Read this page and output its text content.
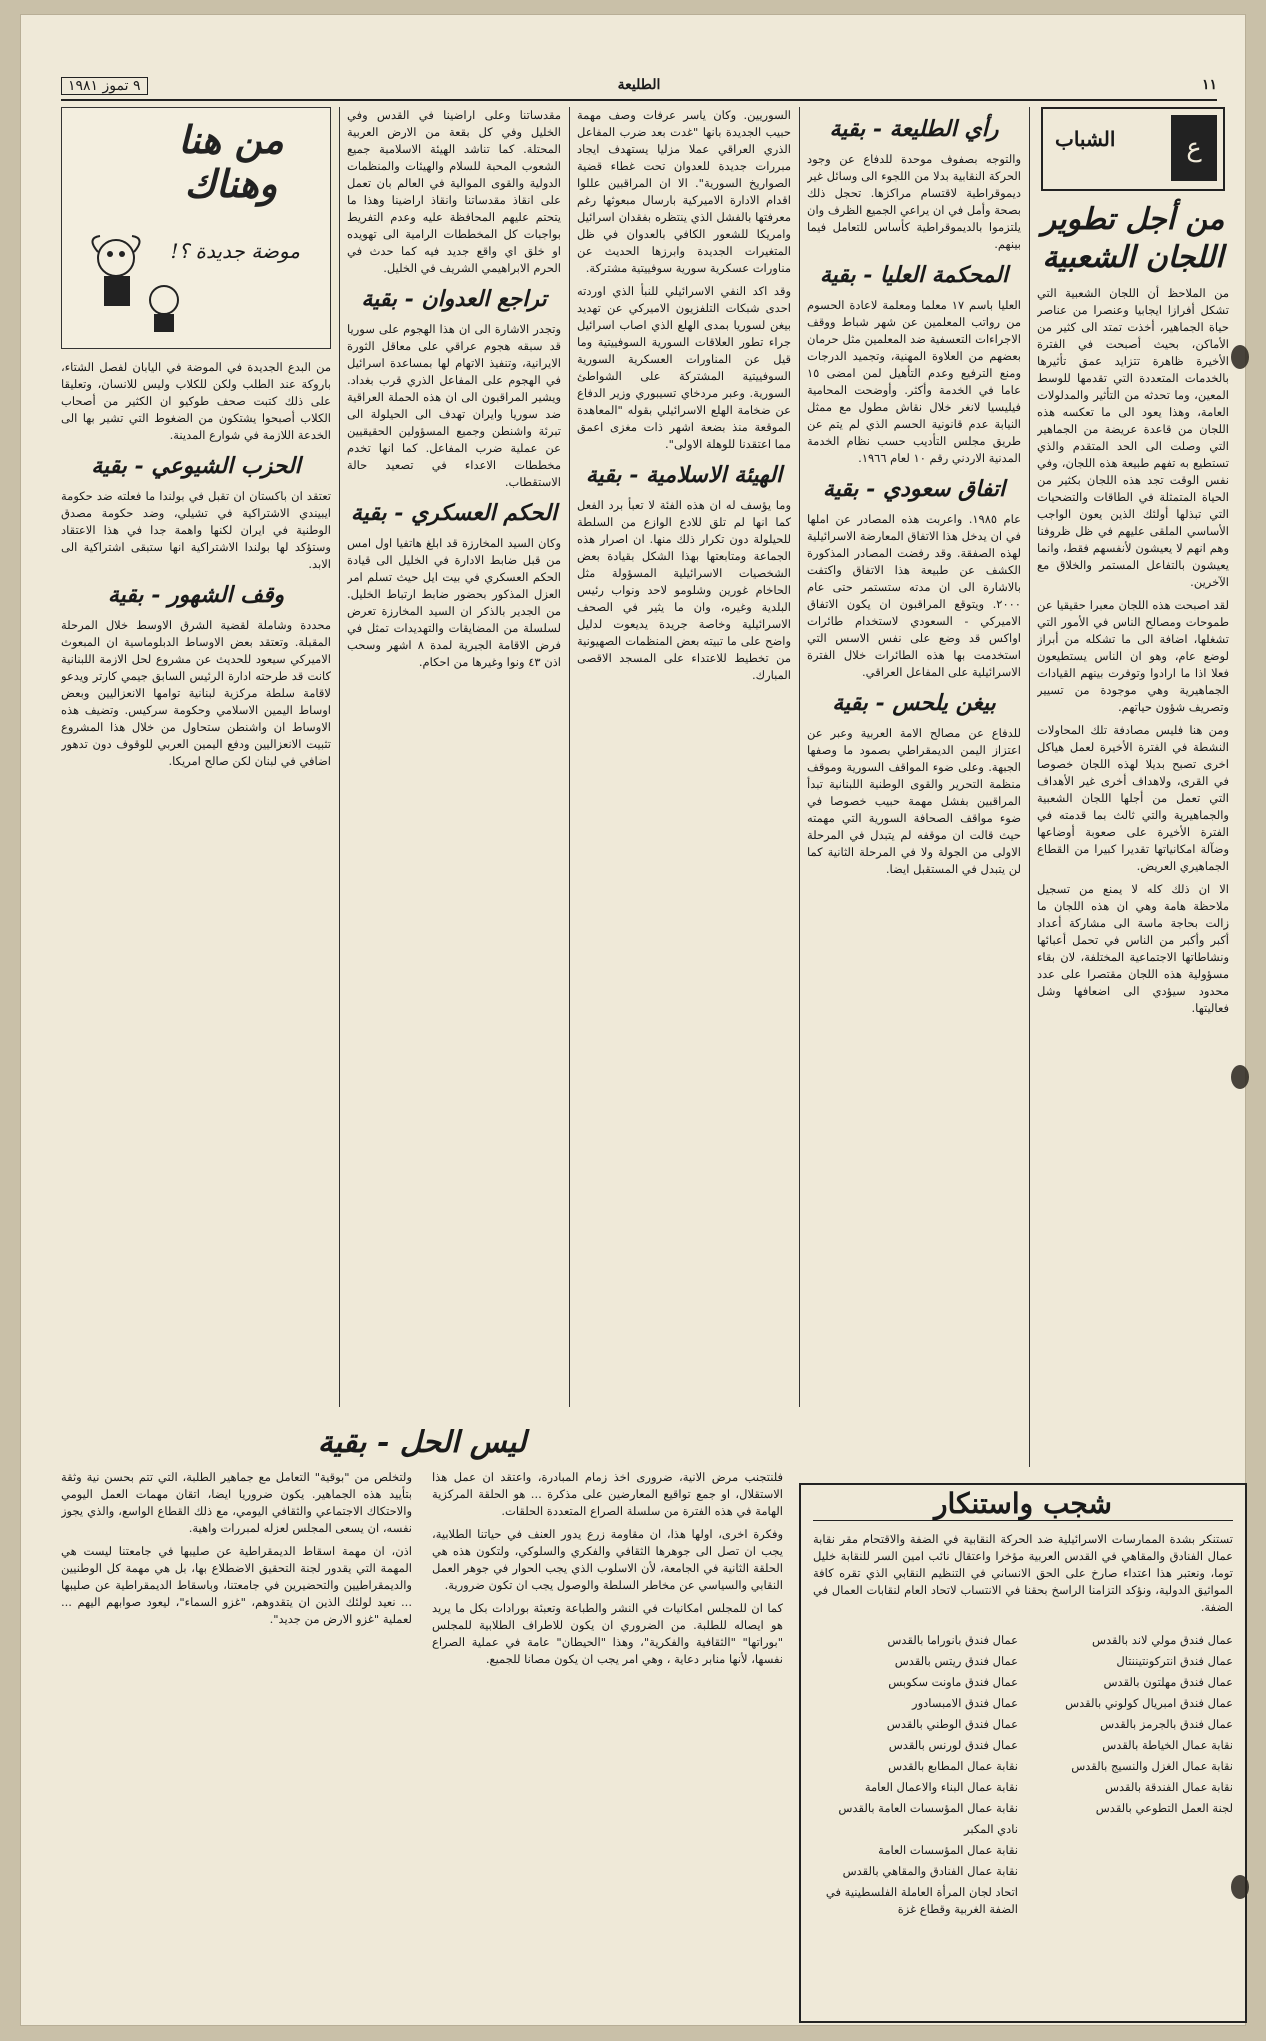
١١
الطليعة
٩ تموز ١٩٨١
ع
الشباب
من أجل تطوير اللجان الشعبية

من الملاحظ أن اللجان الشعبية التي تشكل أفرازا ايجابيا وعنصرا من عناصر حياة الجماهير، أخذت تمتد الى كثير من الأماكن، بحيث أصبحت في الفترة الأخيرة ظاهرة تتزايد عمق تأثيرها بالخدمات المتعددة التي تقدمها للوسط المعين، وما تحدثه من التأثير والمدلولات العامة، وهذا يعود الى ما تعكسه هذه اللجان من قاعدة عريضة من الجماهير التي وصلت الى الحد المتقدم والذي تستطيع به تفهم طبيعة هذه اللجان، وفي نفس الوقت تجد هذه اللجان بكثير من الحياة المتمثلة في الطاقات والتضحيات التي تبذلها أولئك الذين يعون الواجب الأساسي الملقى عليهم في ظل ظروفنا وهم انهم لا يعيشون لأنفسهم فقط، وانما يعيشون بالتفاعل المستمر والخلاق مع الآخرين.

لقد اصبحت هذه اللجان معبرا حقيقيا عن طموحات ومصالح الناس في الأمور التي تشغلها، اضافة الى ما تشكله من أبراز لوضع عام، وهو ان الناس يستطيعون فعلا اذا ما ارادوا وتوفرت بينهم القيادات الجماهيرية وهي موجودة من تسيير وتصريف شؤون حياتهم.

ومن هنا فليس مصادفة تلك المحاولات النشطة في الفترة الأخيرة لعمل هياكل اخرى تصبح بديلا لهذه اللجان خصوصا في القرى، ولاهداف أخرى غير الأهداف التي تعمل من أجلها اللجان الشعبية والجماهيرية والتي ثالث بما قدمته في الفترة الأخيرة على صعوبة أوضاعها وضآلة امكانياتها تقديرا كبيرا من القطاع الجماهيري العريض.

الا ان ذلك كله لا يمنع من تسجيل ملاحظة هامة وهي ان هذه اللجان ما زالت بحاجة ماسة الى مشاركة أعداد أكبر وأكبر من الناس في تحمل أعبائها ونشاطاتها الاجتماعية المختلفة، لان بقاء مسؤولية هذه اللجان مقتصرا على عدد محدود سيؤدي الى اضعافها وشل فعاليتها.

رأي الطليعة - بقية

والتوجه بصفوف موحدة للدفاع عن وجود الحركة النقابية بدلا من اللجوء الى وسائل غير ديموقراطية لاقتسام مراكزها. تحجل ذلك بصحة وأمل في ان يراعي الجميع الظرف وان يلتزموا بالديموقراطية كأساس للتعامل فيما بينهم.

المحكمة العليا - بقية

العليا باسم ١٧ معلما ومعلمة لاعادة الحسوم من رواتب المعلمين عن شهر شباط ووقف الاجراءات التعسفية ضد المعلمين مثل حرمان بعضهم من العلاوة المهنية، وتجميد الدرجات ومنع الترفيع وعدم التأهيل لمن امضى ١٥ عاما في الخدمة وأكثر. وأوضحت المحامية فيليسيا لانغر خلال نقاش مطول مع ممثل النيابة عدم قانونية الحسم الذي لم يتم عن طريق مجلس التأديب حسب نظام الخدمة المدنية الاردني رقم ١٠ لعام ١٩٦٦.

اتفاق سعودي - بقية

عام ١٩٨٥. واعربت هذه المصادر عن املها في ان يدخل هذا الاتفاق المعارضة الاسرائيلية لهذه الصفقة. وقد رفضت المصادر المذكورة الكشف عن طبيعة هذا الاتفاق واكتفت بالاشارة الى ان مدته ستستمر حتى عام ٢٠٠٠. ويتوقع المراقبون ان يكون الاتفاق الاميركي - السعودي لاستخدام طائرات اواكس قد وضع على نفس الاسس التي استخدمت بها هذه الطائرات خلال الفترة الاسرائيلية على المفاعل العراقي.

بيغن يلحس - بقية

للدفاع عن مصالح الامة العربية وعبر عن اعتزاز اليمن الديمقراطي بصمود ما وصفها الجبهة. وعلى ضوء المواقف السورية وموقف منظمة التحرير والقوى الوطنية اللبنانية تبدأ المراقبين بفشل مهمة حبيب خصوصا في ضوء مواقف الصحافة السورية التي مهمته حيث قالت ان موقفه لم يتبدل في المرحلة الاولى من الجولة ولا في المرحلة الثانية كما لن يتبدل في المستقبل ايضا.

السوريين. وكان ياسر عرفات وصف مهمة حبيب الجديدة بانها "غدت بعد ضرب المفاعل الذري العراقي عملا مزليا يستهدف ايجاد مبررات جديدة للعدوان تحت غطاء قضية الصواريخ السورية". الا ان المراقبين عللوا اقدام الادارة الاميركية بارسال مبعوثها رغم معرفتها بالفشل الذي ينتظره بفقدان اسرائيل وامريكا للشعور الكافي بالعدوان في ظل المتغيرات الجديدة وابرزها الحديث عن مناورات عسكرية سورية سوفييتية مشتركة.

وقد اكد النفي الاسرائيلي للنبأ الذي اوردته احدى شبكات التلفزيون الاميركي عن تهديد بيغن لسوريا بمدى الهلع الذي اصاب اسرائيل جراء تطور العلاقات السورية السوفييتية وما قيل عن المناورات العسكرية السورية السوفييتية المشتركة على الشواطئ السورية. وعبر مردخاي تسيبوري وزير الدفاع عن ضخامة الهلع الاسرائيلي بقوله "المعاهدة الموقعة منذ بضعة اشهر ذات مغزى اعمق مما اعتقدنا للوهلة الاولى".

الهيئة الاسلامية - بقية

وما يؤسف له ان هذه الفئة لا تعبأ برد الفعل كما انها لم تلق للادع الوازع من السلطة للحيلولة دون تكرار ذلك منها. ان اصرار هذه الجماعة ومتابعتها بهذا الشكل بقيادة بعض الشخصيات الاسرائيلية المسؤولة مثل الحاخام غورين وشلومو لاحد ونواب رئيس البلدية وغيره، وان ما يثير في الصحف الاسرائيلية وخاصة جريدة يديعوت لدليل واضح على ما تبيته بعض المنظمات الصهيونية من تخطيط للاعتداء على المسجد الاقصى المبارك.

مقدساتنا وعلى اراضينا في القدس وفي الخليل وفي كل بقعة من الارض العربية المحتلة. كما تناشد الهيئة الاسلامية جميع الشعوب المحبة للسلام والهيئات والمنظمات الدولية والقوى الموالية في العالم بان تعمل على انقاذ مقدساتنا وانقاذ اراضينا وهذا ما يتحتم عليهم المحافظة عليه وعدم التفريط بواجبات كل المخططات الرامية الى تهويده او خلق اي واقع جديد فيه كما حدث في الحرم الابراهيمي الشريف في الخليل.

تراجع العدوان - بقية

وتجدر الاشارة الى ان هذا الهجوم على سوريا قد سبقه هجوم عراقي على معاقل الثورة الايرانية، وتنفيذ الاتهام لها بمساعدة اسرائيل في الهجوم على المفاعل الذري قرب بغداد. ويشير المراقبون الى ان هذه الحملة العراقية ضد سوريا وايران تهدف الى الحيلولة الى تبرئة واشنطن وجميع المسؤولين الحقيقيين عن عملية ضرب المفاعل. كما انها تخدم مخططات الاعداء في تصعيد حالة الاستقطاب.

الحكم العسكري - بقية

وكان السيد المخارزة قد ابلغ هاتفيا اول امس من قبل ضابط الادارة في الخليل الى قيادة الحكم العسكري في بيت ايل حيث تسلم امر العزل المذكور بحضور ضابط ارتباط الخليل. من الجدير بالذكر ان السيد المخارزة تعرض لسلسلة من المضايقات والتهديدات تمثل في فرض الاقامة الجبرية لمدة ٨ اشهر وسحب اذن ٤٣ ونوا وغيرها من احكام.

من هنا وهناك
موضة جديدة ؟!

من البدع الجديدة في الموضة في اليابان لفصل الشتاء، باروكة عند الطلب ولكن للكلاب وليس للانسان، وتعليقا على ذلك كتبت صحف طوكيو ان الكثير من أصحاب الكلاب أصبحوا يشتكون من الضغوط التي تشير بها الى الخدعة اللازمة في شوارع المدينة.

الحزب الشيوعي - بقية

تعتقد ان باكستان ان تقبل في بولندا ما فعلته ضد حكومة ايبيندي الاشتراكية في تشيلي، وضد حكومة مصدق الوطنية في ايران لكنها واهمة جدا في هذا الاعتقاد وستؤكد لها بولندا الاشتراكية انها ستبقى اشتراكية الى الابد.

وقف الشهور - بقية

محددة وشاملة لقضية الشرق الاوسط خلال المرحلة المقبلة. وتعتقد بعض الاوساط الدبلوماسية ان المبعوث الاميركي سيعود للحديث عن مشروع لحل الازمة اللبنانية كانت قد طرحته ادارة الرئيس السابق جيمي كارتر ويدعو لاقامة سلطة مركزية لبنانية توامها الانعزاليين وبعض اوساط اليمين الاسلامي وحكومة سركيس. وتضيف هذه الاوساط ان واشنطن ستحاول من خلال هذا المشروع تثبيت الانعزاليين ودفع اليمين العربي للوقوف دون تدهور اضافي في لبنان لكن صالح امريكا.

ليس الحل - بقية

فلنتجنب مرض الانية، ضرورى اخذ زمام المبادرة، واعتقد ان عمل هذا الاستقلال، او جمع تواقيع المعارضين على مذكرة ... هو الحلقة المركزية الهامة في هذه الفترة من سلسلة الصراع المتعددة الحلقات.

وفكرة اخرى، اولها هذا، ان مقاومة زرع يدور العنف في حياتنا الطلابية، يجب ان تصل الى جوهرها الثقافي والفكري والسلوكي، ولتكون هذه هي الحلقة الثانية في الجامعة، لأن الاسلوب الذي يجب الحوار في جوهر العمل النقابي والسياسي عن مخاطر السلطة والوصول يجب ان تكون ضرورية.

كما ان للمجلس امكانيات في النشر والطباعة وتعبئة بورادات بكل ما يريد هو ايصاله للطلبة. من الضروري ان يكون للاطراف الطلابية للمجلس "بوراتها" "الثقافية والفكرية"، وهذا "الحيطان" عامة في عملية الصراع نفسها، لأنها منابر دعاية ، وهي امر يجب ان يكون مصانا للجميع.

ولتخلص من "بوقية" التعامل مع جماهير الطلبة، التي تتم بحسن نية وثقة بتأييد هذه الجماهير. يكون ضروريا ايضا، اتقان مهمات العمل اليومي والاحتكاك الاجتماعي والثقافي اليومي، مع ذلك القطاع الواسع، والذي يجوز نفسه، ان يسعى المجلس لعزله لمبررات واهية.

اذن، ان مهمة اسقاط الديمقراطية عن صليبها في جامعتنا ليست هي المهمة التي يقدور لجنة التحقيق الاضطلاع بها، بل هي مهمة كل الوطنيين والديمقراطيين والتحضيرين في جامعتنا، وباسقاط الديمقراطية عن صليبها ... نعيد لولئك الذين ان يتقدوهم، "غزو السماء"، ليعود صوابهم اليهم ... لعملية "غزو الارض من جديد".

شجب واستنكار

تستنكر بشدة الممارسات الاسرائيلية ضد الحركة النقابية في الضفة والاقتحام مقر نقابة عمال الفنادق والمقاهي في القدس العربية مؤخرا واعتقال نائب امين السر للنقابة خليل توما، ونعتبر هذا اعتداء صارخ على الحق الانساني في التنظيم النقابي الذي تقره كافة المواثيق الدولية، ونؤكد التزامنا الراسخ بحقنا في الانتساب لاتحاد العام لنقابات العمال في الضفة.

عمال فندق مولي لاند بالقدس
عمال فندق انتركونتيننتال
عمال فندق مهلتون بالقدس
عمال فندق امبريال كولوني بالقدس
عمال فندق بالجرمز بالقدس
نقابة عمال الخياطة بالقدس
نقابة عمال الغزل والنسيج بالقدس
نقابة عمال الفندقة بالقدس
لجنة العمل التطوعي بالقدس
عمال فندق بانوراما بالقدس
عمال فندق ريتس بالقدس
عمال فندق ماونت سكوبس
عمال فندق الامبسادور
عمال فندق الوطني بالقدس
عمال فندق لورنس بالقدس
نقابة عمال المطابع بالقدس
نقابة عمال البناء والاعمال العامة
نقابة عمال المؤسسات العامة بالقدس
نادي المكبر
نقابة عمال المؤسسات العامة
نقابة عمال الفنادق والمقاهي بالقدس
اتحاد لجان المرأة العاملة الفلسطينية في الضفة الغربية وقطاع غزة
